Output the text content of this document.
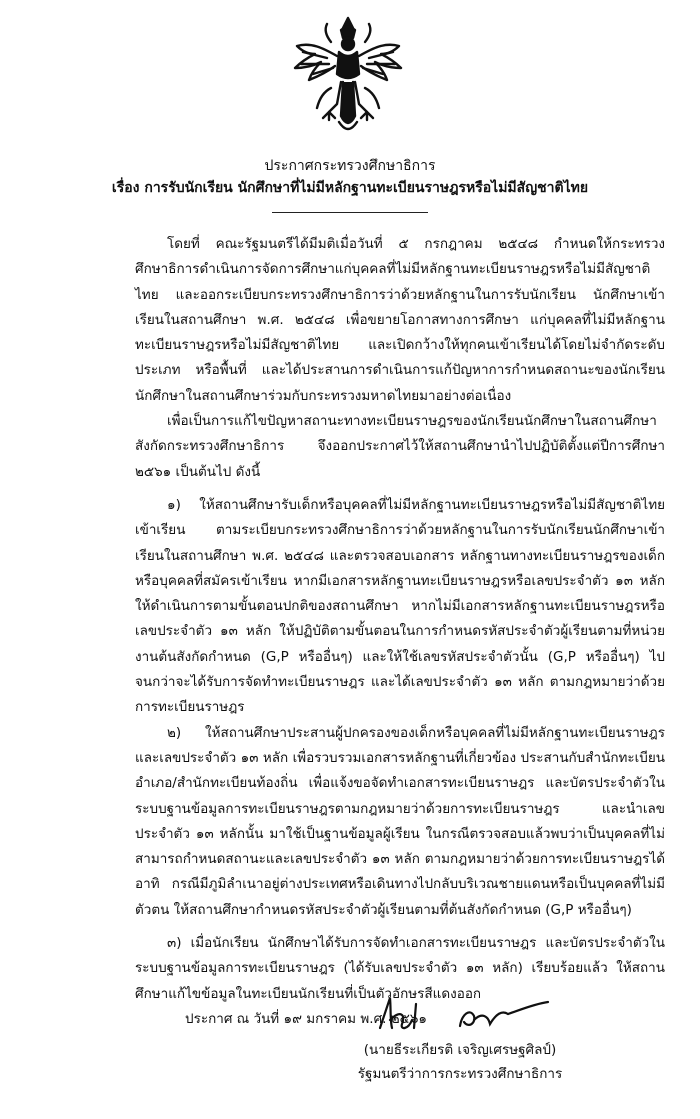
ประกาศกระทรวงศึกษาธิการ
เรื่อง การรับนักเรียน นักศึกษาที่ไม่มีหลักฐานทะเบียนราษฎรหรือไม่มีสัญชาติไทย

โดยที่ คณะรัฐมนตรีได้มีมติเมื่อวันที่ ๕ กรกฎาคม ๒๕๔๘ กำหนดให้กระทรวงศึกษาธิการดำเนินการจัดการศึกษาแก่บุคคลที่ไม่มีหลักฐานทะเบียนราษฎรหรือไม่มีสัญชาติไทย และออกระเบียบกระทรวงศึกษาธิการว่าด้วยหลักฐานในการรับนักเรียน นักศึกษาเข้าเรียนในสถานศึกษา พ.ศ. ๒๕๔๘ เพื่อขยายโอกาสทางการศึกษา แก่บุคคลที่ไม่มีหลักฐานทะเบียนราษฎรหรือไม่มีสัญชาติไทย และเปิดกว้างให้ทุกคนเข้าเรียนได้โดยไม่จำกัดระดับ ประเภท หรือพื้นที่ และได้ประสานการดำเนินการแก้ปัญหาการกำหนดสถานะของนักเรียน นักศึกษาในสถานศึกษาร่วมกับกระทรวงมหาดไทยมาอย่างต่อเนื่อง

เพื่อเป็นการแก้ไขปัญหาสถานะทางทะเบียนราษฎรของนักเรียนนักศึกษาในสถานศึกษาสังกัดกระทรวงศึกษาธิการ จึงออกประกาศไว้ให้สถานศึกษานำไปปฏิบัติตั้งแต่ปีการศึกษา ๒๕๖๑ เป็นต้นไป ดังนี้

๑) ให้สถานศึกษารับเด็กหรือบุคคลที่ไม่มีหลักฐานทะเบียนราษฎรหรือไม่มีสัญชาติไทยเข้าเรียน ตามระเบียบกระทรวงศึกษาธิการว่าด้วยหลักฐานในการรับนักเรียนนักศึกษาเข้าเรียนในสถานศึกษา พ.ศ. ๒๕๔๘ และตรวจสอบเอกสาร หลักฐานทางทะเบียนราษฎรของเด็กหรือบุคคลที่สมัครเข้าเรียน หากมีเอกสารหลักฐานทะเบียนราษฎรหรือเลขประจำตัว ๑๓ หลัก ให้ดำเนินการตามขั้นตอนปกติของสถานศึกษา หากไม่มีเอกสารหลักฐานทะเบียนราษฎรหรือเลขประจำตัว ๑๓ หลัก ให้ปฏิบัติตามขั้นตอนในการกำหนดรหัสประจำตัวผู้เรียนตามที่หน่วยงานต้นสังกัดกำหนด (G,P หรืออื่นๆ) และให้ใช้เลขรหัสประจำตัวนั้น (G,P หรืออื่นๆ) ไปจนกว่าจะได้รับการจัดทำทะเบียนราษฎร และได้เลขประจำตัว ๑๓ หลัก ตามกฎหมายว่าด้วยการทะเบียนราษฎร

๒) ให้สถานศึกษาประสานผู้ปกครองของเด็กหรือบุคคลที่ไม่มีหลักฐานทะเบียนราษฎรและเลขประจำตัว ๑๓ หลัก เพื่อรวบรวมเอกสารหลักฐานที่เกี่ยวข้อง ประสานกับสำนักทะเบียนอำเภอ/สำนักทะเบียนท้องถิ่น เพื่อแจ้งขอจัดทำเอกสารทะเบียนราษฎร และบัตรประจำตัวในระบบฐานข้อมูลการทะเบียนราษฎรตามกฎหมายว่าด้วยการทะเบียนราษฎร และนำเลขประจำตัว ๑๓ หลักนั้น มาใช้เป็นฐานข้อมูลผู้เรียน ในกรณีตรวจสอบแล้วพบว่าเป็นบุคคลที่ไม่สามารถกำหนดสถานะและเลขประจำตัว ๑๓ หลัก ตามกฎหมายว่าด้วยการทะเบียนราษฎรได้ อาทิ กรณีมีภูมิลำเนาอยู่ต่างประเทศหรือเดินทางไปกลับบริเวณชายแดนหรือเป็นบุคคลที่ไม่มีตัวตน ให้สถานศึกษากำหนดรหัสประจำตัวผู้เรียนตามที่ต้นสังกัดกำหนด (G,P หรืออื่นๆ)

๓) เมื่อนักเรียน นักศึกษาได้รับการจัดทำเอกสารทะเบียนราษฎร และบัตรประจำตัวในระบบฐานข้อมูลการทะเบียนราษฎร (ได้รับเลขประจำตัว ๑๓ หลัก) เรียบร้อยแล้ว ให้สถานศึกษาแก้ไขข้อมูลในทะเบียนนักเรียนที่เป็นตัวอักษรสีแดงออก

ประกาศ ณ วันที่ ๑๙ มกราคม พ.ศ. ๒๕๖๑

(นายธีระเกียรติ เจริญเศรษฐศิลป์)
รัฐมนตรีว่าการกระทรวงศึกษาธิการ
